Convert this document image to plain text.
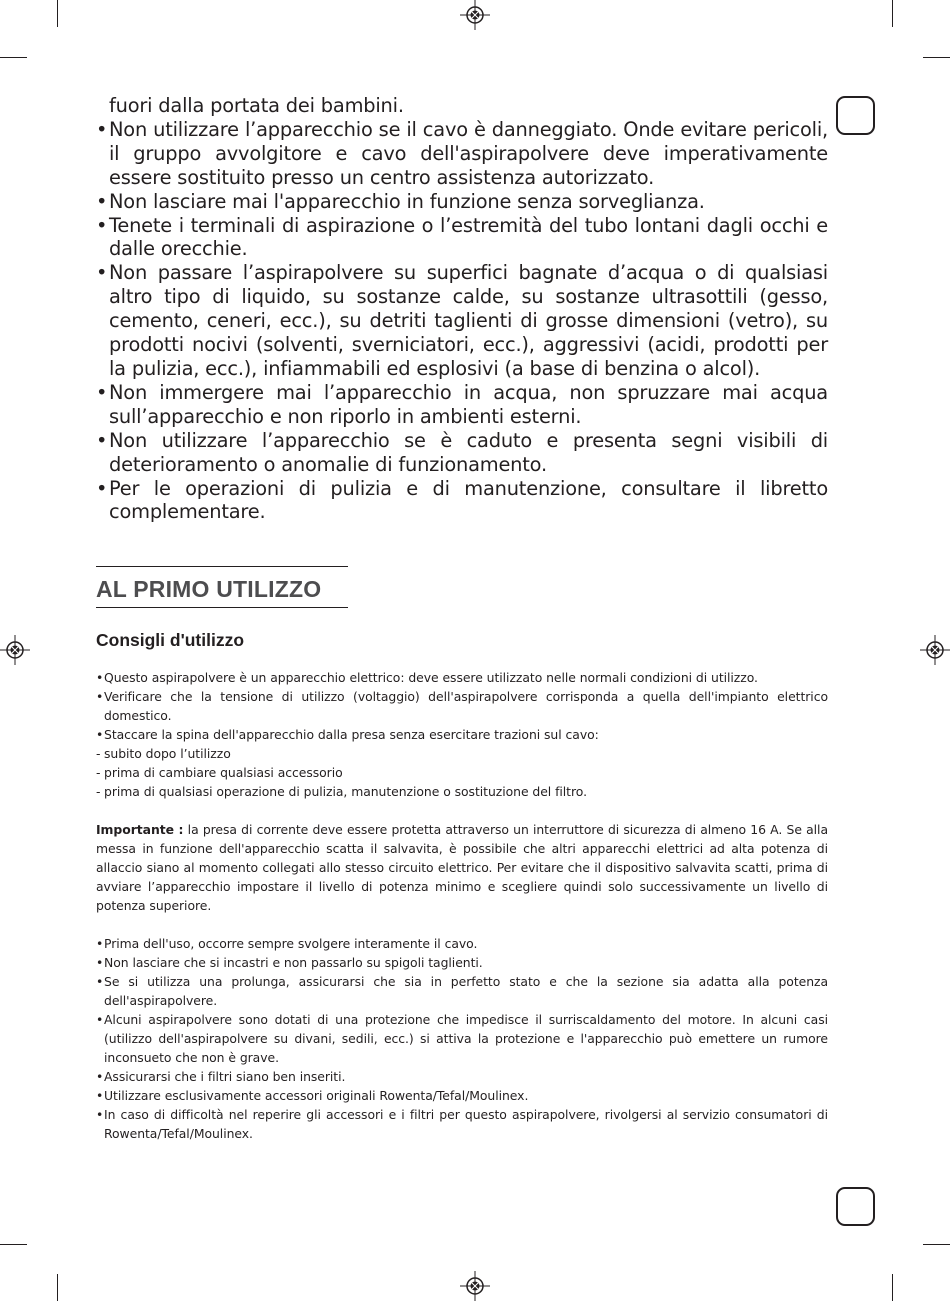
fuori dalla portata dei bambini.
• Non utilizzare l’apparecchio se il cavo è danneggiato. Onde evitare pericoli, il gruppo avvolgitore e cavo dell'aspirapolvere deve imperativamente essere sostituito presso un centro assistenza autorizzato.
• Non lasciare mai l'apparecchio in funzione senza sorveglianza.
• Tenete i terminali di aspirazione o l’estremità del tubo lontani dagli occhi e dalle orecchie.
• Non passare l’aspirapolvere su superfici bagnate d’acqua o di qualsiasi altro tipo di liquido, su sostanze calde, su sostanze ultrasottili (gesso, cemento, ceneri, ecc.), su detriti taglienti di grosse dimensioni (vetro), su prodotti nocivi (solventi, sverniciatori, ecc.), aggressivi (acidi, prodotti per la pulizia, ecc.), infiammabili ed esplosivi (a base di benzina o alcol).
• Non immergere mai l’apparecchio in acqua, non spruzzare mai acqua sull’apparecchio e non riporlo in ambienti esterni.
• Non utilizzare l’apparecchio se è caduto e presenta segni visibili di deterioramento o anomalie di funzionamento.
• Per le operazioni di pulizia e di manutenzione, consultare il libretto complementare.
AL PRIMO UTILIZZO
Consigli d'utilizzo
• Questo aspirapolvere è un apparecchio elettrico: deve essere utilizzato nelle normali condizioni di utilizzo.
• Verificare che la tensione di utilizzo (voltaggio) dell'aspirapolvere corrisponda a quella dell'impianto elettrico domestico.
• Staccare la spina dell'apparecchio dalla presa senza esercitare trazioni sul cavo:
- subito dopo l’utilizzo
- prima di cambiare qualsiasi accessorio
- prima di qualsiasi operazione di pulizia, manutenzione o sostituzione del filtro.

Importante : la presa di corrente deve essere protetta attraverso un interruttore di sicurezza di almeno 16 A. Se alla messa in funzione dell'apparecchio scatta il salvavita, è possibile che altri apparecchi elettrici ad alta potenza di allaccio siano al momento collegati allo stesso circuito elettrico. Per evitare che il dispositivo salvavita scatti, prima di avviare l’apparecchio impostare il livello di potenza minimo e scegliere quindi solo successivamente un livello di potenza superiore.

• Prima dell'uso, occorre sempre svolgere interamente il cavo.
• Non lasciare che si incastri e non passarlo su spigoli taglienti.
• Se si utilizza una prolunga, assicurarsi che sia in perfetto stato e che la sezione sia adatta alla potenza dell'aspirapolvere.
• Alcuni aspirapolvere sono dotati di una protezione che impedisce il surriscaldamento del motore. In alcuni casi (utilizzo dell'aspirapolvere su divani, sedili, ecc.) si attiva la protezione e l'apparecchio può emettere un rumore inconsueto che non è grave.
• Assicurarsi che i filtri siano ben inseriti.
• Utilizzare esclusivamente accessori originali Rowenta/Tefal/Moulinex.
• In caso di difficoltà nel reperire gli accessori e i filtri per questo aspirapolvere, rivolgersi al servizio consumatori di Rowenta/Tefal/Moulinex.
